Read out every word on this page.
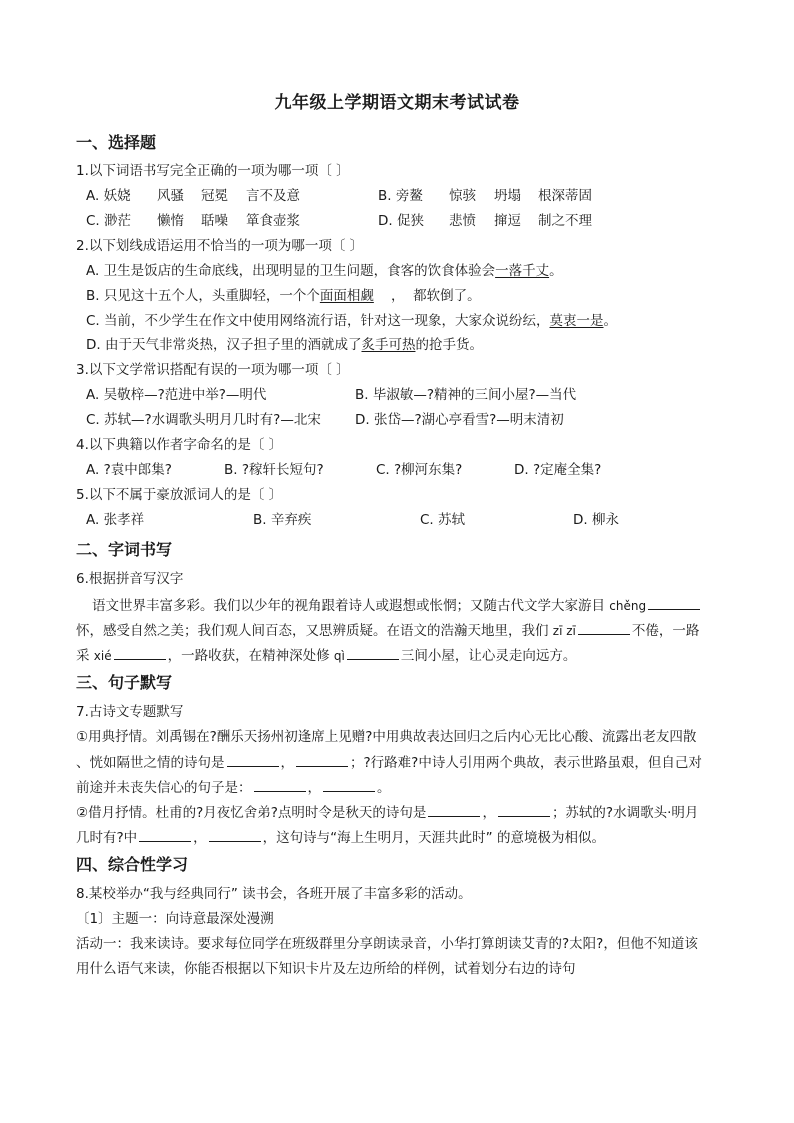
九年级上学期语文期末考试试卷
一、选择题
1.以下词语书写完全正确的一项为哪一项〔 〕
A. 妖娆 风骚 冠冕 言不及意	B. 旁鳌 惊骇 坍塌 根深蒂固
C. 渺茫 懒惰 聒噪 箪食壶浆	D. 促狭 悲愤 撺逗 制之不理
2.以下划线成语运用不恰当的一项为哪一项〔 〕
A. 卫生是饭店的生命底线，出现明显的卫生问题，食客的饮食体验会一落千丈。
B. 只见这十五个人，头重脚轻，一个个面面相觑    ，  都软倒了。
C. 当前，不少学生在作文中使用网络流行语，针对这一现象，大家众说纷纭，莫衷一是。
D. 由于天气非常炎热，汉子担子里的酒就成了炙手可热的抢手货。
3.以下文学常识搭配有误的一项为哪一项〔 〕
A. 吴敬梓—?范进中举?—明代	B. 毕淑敏—?精神的三间小屋?—当代
C. 苏轼—?水调歌头明月几时有?—北宋	D. 张岱—?湖心亭看雪?—明末清初
4.以下典籍以作者字命名的是〔 〕
A. ?袁中郎集?	B. ?稼轩长短句?	C. ?柳河东集?	D. ?定庵全集?
5.以下不属于豪放派词人的是〔 〕
A. 张孝祥	B. 辛弃疾	C. 苏轼	D. 柳永
二、字词书写
6.根据拼音写汉字
语文世界丰富多彩。我们以少年的视角跟着诗人或遐想或怅惘；又随古代文学大家游目 chěng
怀，感受自然之美；我们观人间百态，又思辨质疑。在语文的浩瀚天地里，我们 zī zī	不倦，一路
采 xié	，一路收获，在精神深处修 qì	三间小屋，让心灵走向远方。
三、句子默写
7.古诗文专题默写
①用典抒情。刘禹锡在?酬乐天扬州初逢席上见赠?中用典故表达回归之后内心无比心酸、流露出老友四散
、恍如隔世之情的诗句是	，	；?行路难?中诗人引用两个典故，表示世路虽艰，但自己对
前途并未丧失信心的句子是：	，	。
②借月抒情。杜甫的?月夜忆舍弟?点明时令是秋天的诗句是	，	；苏轼的?水调歌头·明月
几时有?中	，	，这句诗与“海上生明月，天涯共此时” 的意境极为相似。
四、综合性学习
8.某校举办“我与经典同行” 读书会，各班开展了丰富多彩的活动。
〔1〕主题一：向诗意最深处漫溯
活动一：我来读诗。要求每位同学在班级群里分享朗读录音，小华打算朗读艾青的?太阳?，但他不知道该
用什么语气来读，你能否根据以下知识卡片及左边所给的样例，试着划分右边的诗句
